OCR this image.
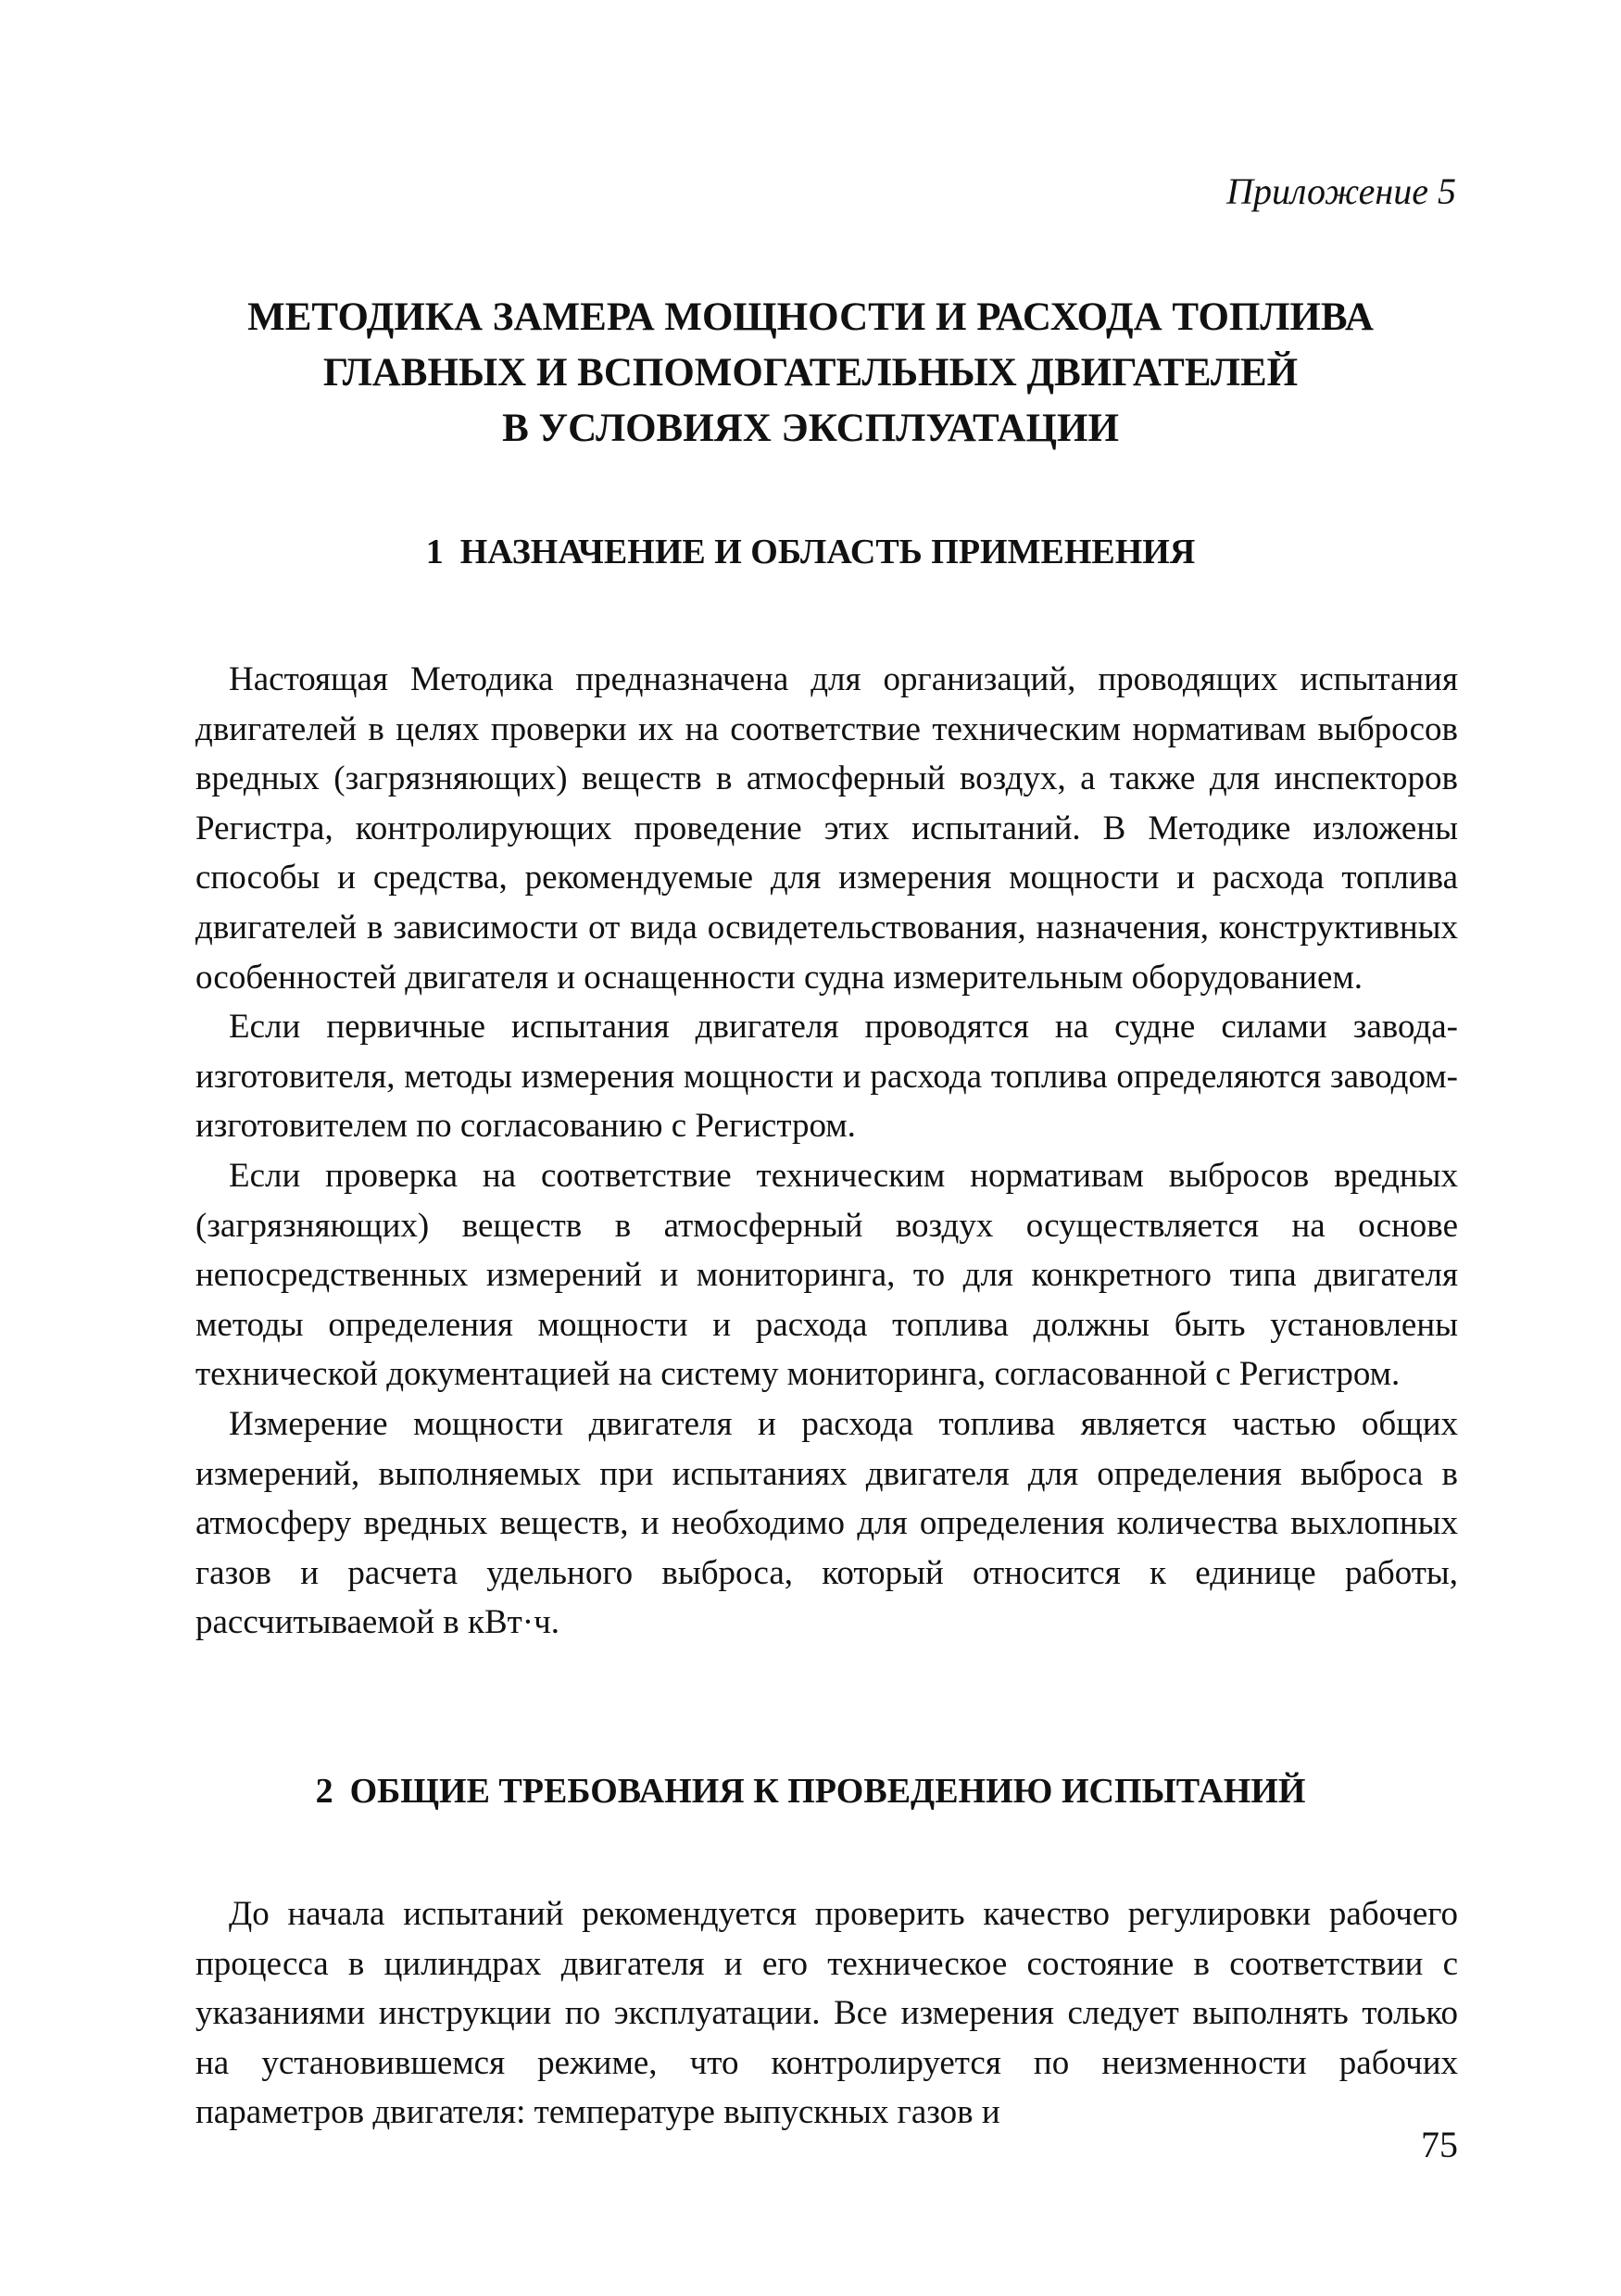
Приложение 5

МЕТОДИКА ЗАМЕРА МОЩНОСТИ И РАСХОДА ТОПЛИВА
ГЛАВНЫХ И ВСПОМОГАТЕЛЬНЫХ ДВИГАТЕЛЕЙ
В УСЛОВИЯХ ЭКСПЛУАТАЦИИ
1 НАЗНАЧЕНИЕ И ОБЛАСТЬ ПРИМЕНЕНИЯ

Настоящая Методика предназначена для организаций, проводящих испытания двигателей в целях проверки их на соответствие техническим нормативам выбросов вредных (загрязняющих) веществ в атмосферный воздух, а также для инспекторов Регистра, контролирующих проведение этих испытаний. В Методике изложены способы и средства, рекомендуемые для измерения мощности и расхода топлива двигателей в зависимости от вида освидетельствования, назначения, конструктивных особенностей двигателя и оснащенности судна измерительным оборудованием.

Если первичные испытания двигателя проводятся на судне силами завода-изготовителя, методы измерения мощности и расхода топлива определяются заводом-изготовителем по согласованию с Регистром.

Если проверка на соответствие техническим нормативам выбросов вредных (загрязняющих) веществ в атмосферный воздух осуществляется на основе непосредственных измерений и мониторинга, то для конкретного типа двигателя методы определения мощности и расхода топлива должны быть установлены технической документацией на систему мониторинга, согласованной с Регистром.

Измерение мощности двигателя и расхода топлива является частью общих измерений, выполняемых при испытаниях двигателя для определения выброса в атмосферу вредных веществ, и необходимо для определения количества выхлопных газов и расчета удельного выброса, который относится к единице работы, рассчитываемой в кВт·ч.

2 ОБЩИЕ ТРЕБОВАНИЯ К ПРОВЕДЕНИЮ ИСПЫТАНИЙ

До начала испытаний рекомендуется проверить качество регулировки рабочего процесса в цилиндрах двигателя и его техническое состояние в соответствии с указаниями инструкции по эксплуатации. Все измерения следует выполнять только на установившемся режиме, что контролируется по неизменности рабочих параметров двигателя: температуре выпускных газов и

75
